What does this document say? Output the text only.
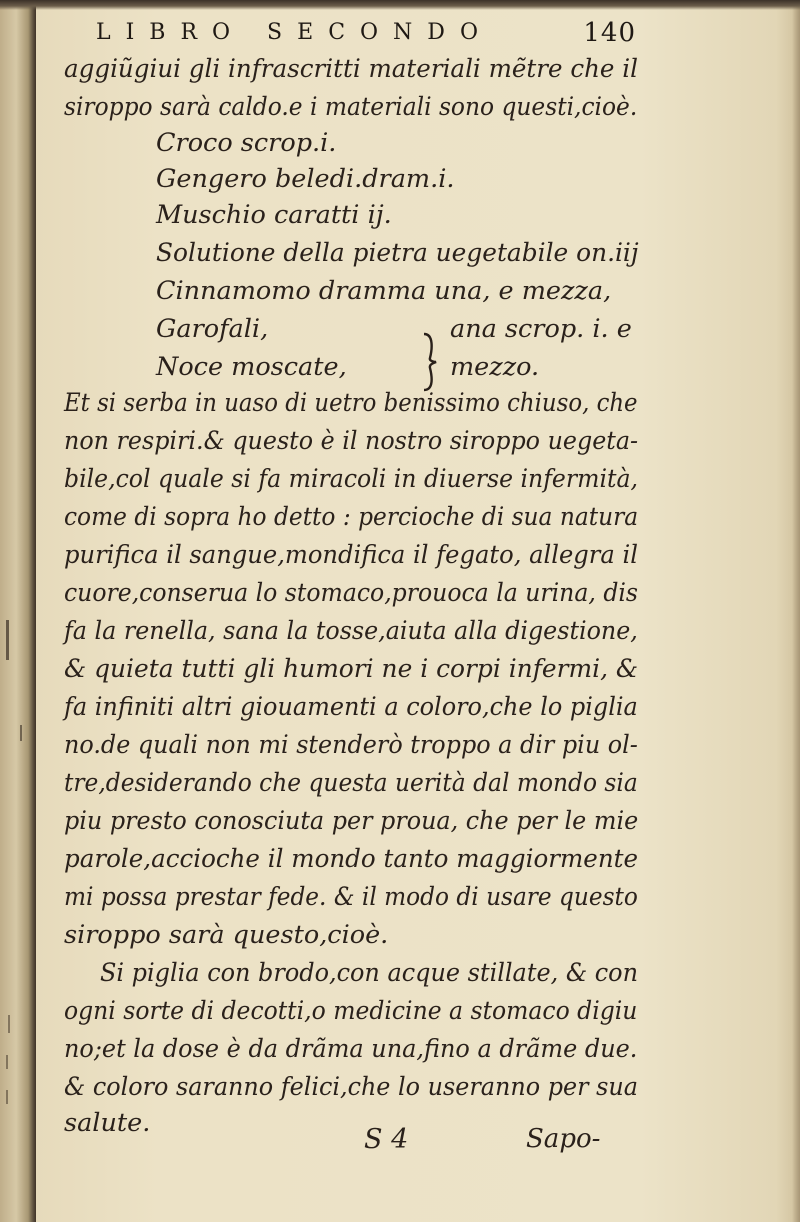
LIBRO SECONDO	140
aggiũgiui gli infrascritti materiali mẽtre che il
siroppo sarà caldo.e i materiali sono questi,cioè.
Croco scrop.i.
Gengero beledi.dram.i.
Muschio caratti ij.
Solutione della pietra uegetabile on.iij
Cinnamomo dramma una, e mezza,
Garofali,
Noce moscate,
ana scrop. i. e
mezzo.
Et si serba in uaso di uetro benissimo chiuso, che
non respiri.& questo è il nostro siroppo uegeta-
bile,col quale si fa miracoli in diuerse infermità,
come di sopra ho detto : percioche di sua natura
purifica il sangue,mondifica il fegato, allegra il
cuore,conserua lo stomaco,prouoca la urina, dis
fa la renella, sana la tosse,aiuta alla digestione,
& quieta tutti gli humori ne i corpi infermi, &
fa infiniti altri giouamenti a coloro,che lo piglia
no.de quali non mi stenderò troppo a dir piu ol-
tre,desiderando che questa uerità dal mondo sia
piu presto conosciuta per proua, che per le mie
parole,accioche il mondo tanto maggiormente
mi possa prestar fede. & il modo di usare questo
siroppo sarà questo,cioè.
Si piglia con brodo,con acque stillate, & con
ogni sorte di decotti,o medicine a stomaco digiu
no;et la dose è da drãma una,fino a drãme due.
& coloro saranno felici,che lo useranno per sua
salute.
S 4	Sapo-
